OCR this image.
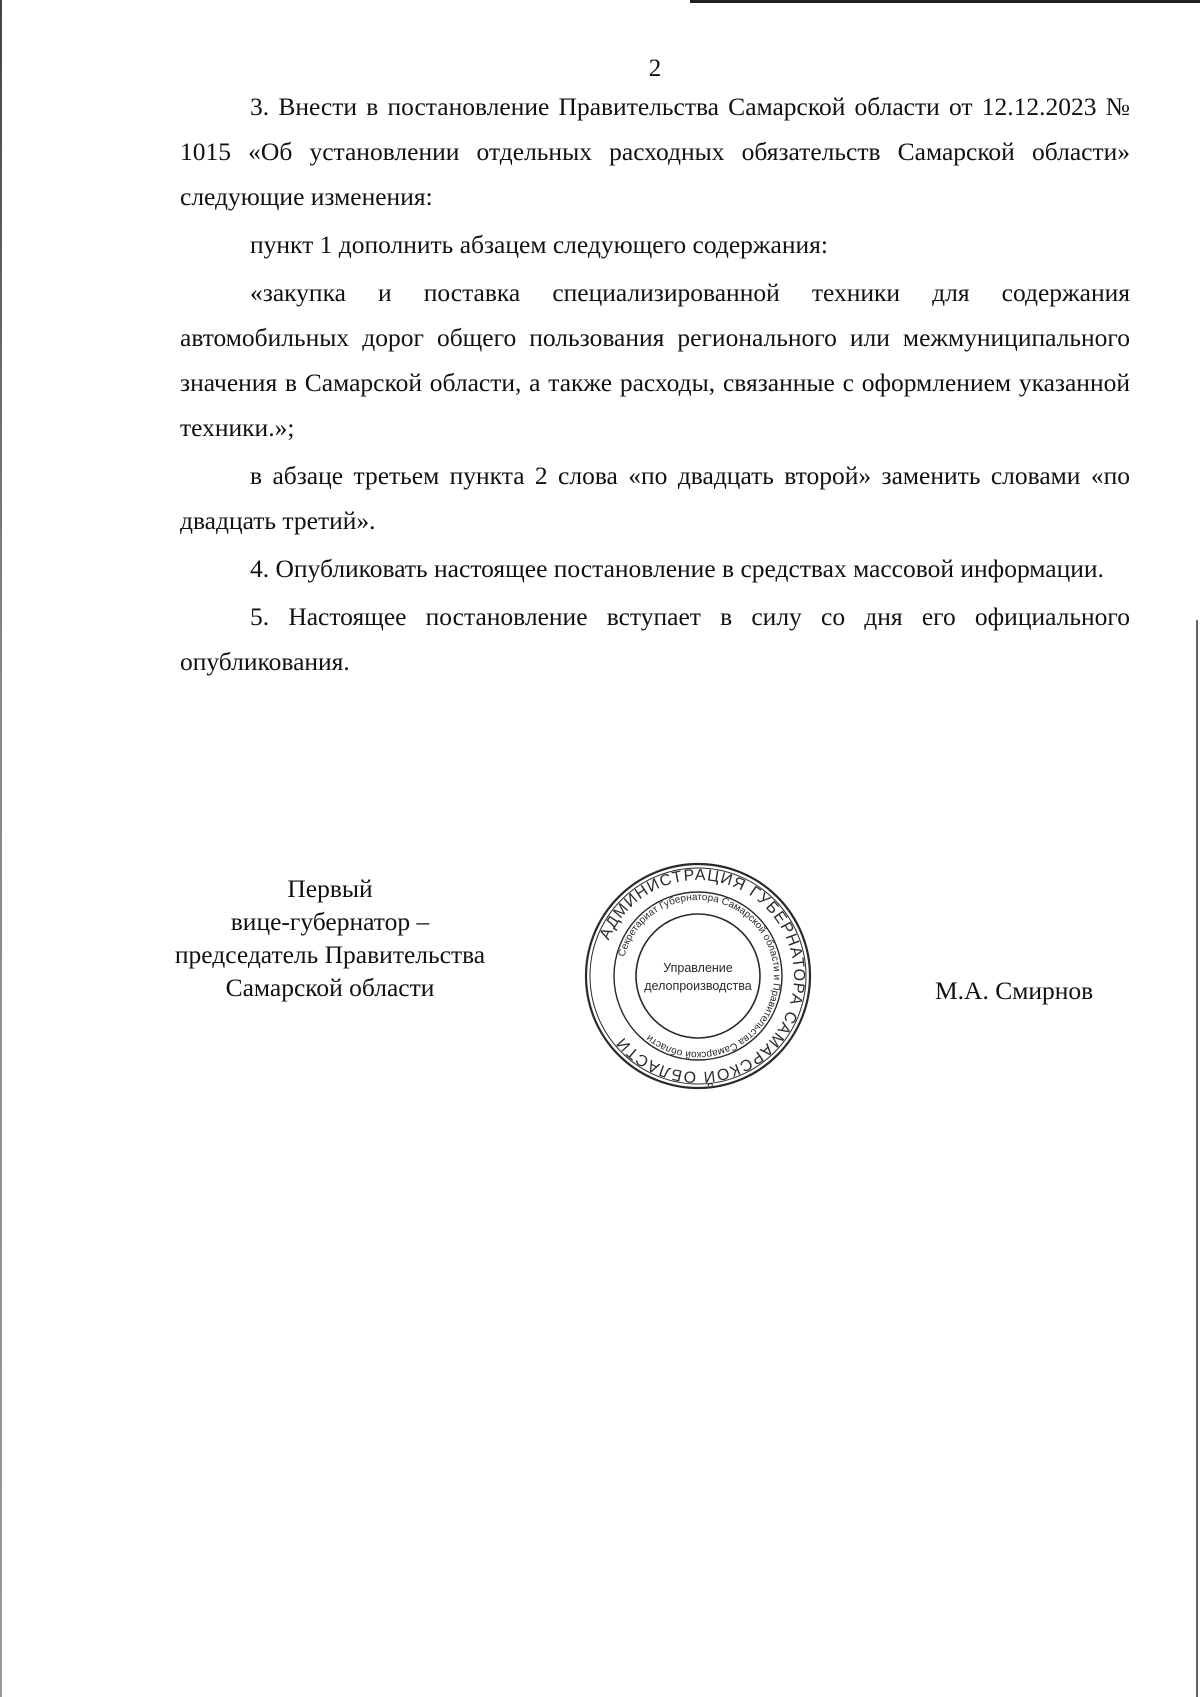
2

3. Внести в постановление Правительства Самарской области от 12.12.2023 № 1015 «Об установлении отдельных расходных обязательств Самарской области» следующие изменения:

пункт 1 дополнить абзацем следующего содержания:

«закупка и поставка специализированной техники для содержания автомобильных дорог общего пользования регионального или межмуниципального значения в Самарской области, а также расходы, связанные с оформлением указанной техники.»;

в абзаце третьем пункта 2 слова «по двадцать второй» заменить словами «по двадцать третий».

4. Опубликовать настоящее постановление в средствах массовой информации.

5. Настоящее постановление вступает в силу со дня его официального опубликования.

Первый
вице-губернатор –
председатель Правительства
Самарской области
АДМИНИСТРАЦИЯ ГУБЕРНАТОРА САМАРСКОЙ ОБЛАСТИ
Секретариат Губернатора Самарской области и Правительства Самарской области
Управление
делопроизводства	М.А. Смирнов
